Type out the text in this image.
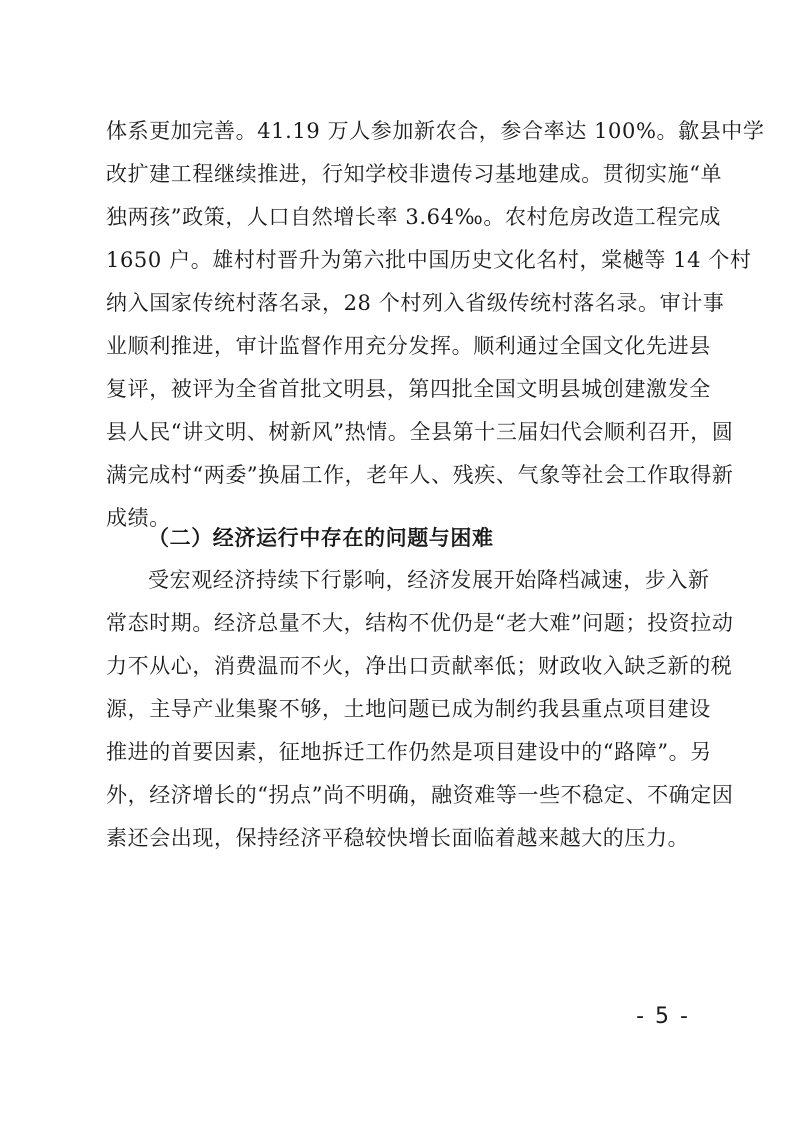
体系更加完善。41.19 万人参加新农合，参合率达 100%。歙县中学
改扩建工程继续推进，行知学校非遗传习基地建成。贯彻实施“单
独两孩”政策，人口自然增长率 3.64‰。农村危房改造工程完成
1650 户。雄村村晋升为第六批中国历史文化名村，棠樾等 14 个村
纳入国家传统村落名录，28 个村列入省级传统村落名录。审计事
业顺利推进，审计监督作用充分发挥。顺利通过全国文化先进县
复评，被评为全省首批文明县，第四批全国文明县城创建激发全
县人民“讲文明、树新风”热情。全县第十三届妇代会顺利召开，圆
满完成村“两委”换届工作，老年人、残疾、气象等社会工作取得新
成绩。
（二）经济运行中存在的问题与困难
受宏观经济持续下行影响，经济发展开始降档减速，步入新
常态时期。经济总量不大，结构不优仍是“老大难”问题；投资拉动
力不从心，消费温而不火，净出口贡献率低；财政收入缺乏新的税
源，主导产业集聚不够，土地问题已成为制约我县重点项目建设
推进的首要因素，征地拆迁工作仍然是项目建设中的“路障”。另
外，经济增长的“拐点”尚不明确，融资难等一些不稳定、不确定因
素还会出现，保持经济平稳较快增长面临着越来越大的压力。
- 5 -
